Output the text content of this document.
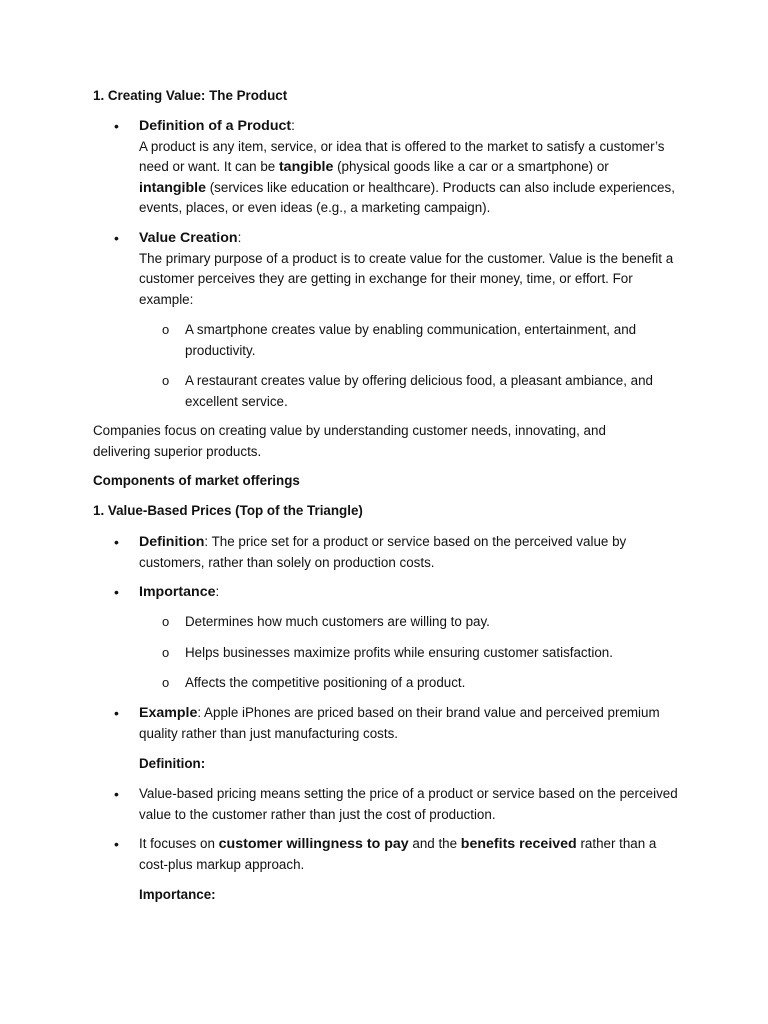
1. Creating Value: The Product
• Definition of a Product:
A product is any item, service, or idea that is offered to the market to satisfy a customer’s need or want. It can be tangible (physical goods like a car or a smartphone) or intangible (services like education or healthcare). Products can also include experiences, events, places, or even ideas (e.g., a marketing campaign).
• Value Creation:
The primary purpose of a product is to create value for the customer. Value is the benefit a customer perceives they are getting in exchange for their money, time, or effort. For example:
o A smartphone creates value by enabling communication, entertainment, and productivity.
o A restaurant creates value by offering delicious food, a pleasant ambiance, and excellent service.
Companies focus on creating value by understanding customer needs, innovating, and delivering superior products.
Components of market offerings
1. Value-Based Prices (Top of the Triangle)
• Definition: The price set for a product or service based on the perceived value by customers, rather than solely on production costs.
• Importance:
o Determines how much customers are willing to pay.
o Helps businesses maximize profits while ensuring customer satisfaction.
o Affects the competitive positioning of a product.
• Example: Apple iPhones are priced based on their brand value and perceived premium quality rather than just manufacturing costs.
Definition:
• Value-based pricing means setting the price of a product or service based on the perceived value to the customer rather than just the cost of production.
• It focuses on customer willingness to pay and the benefits received rather than a cost-plus markup approach.
Importance:
